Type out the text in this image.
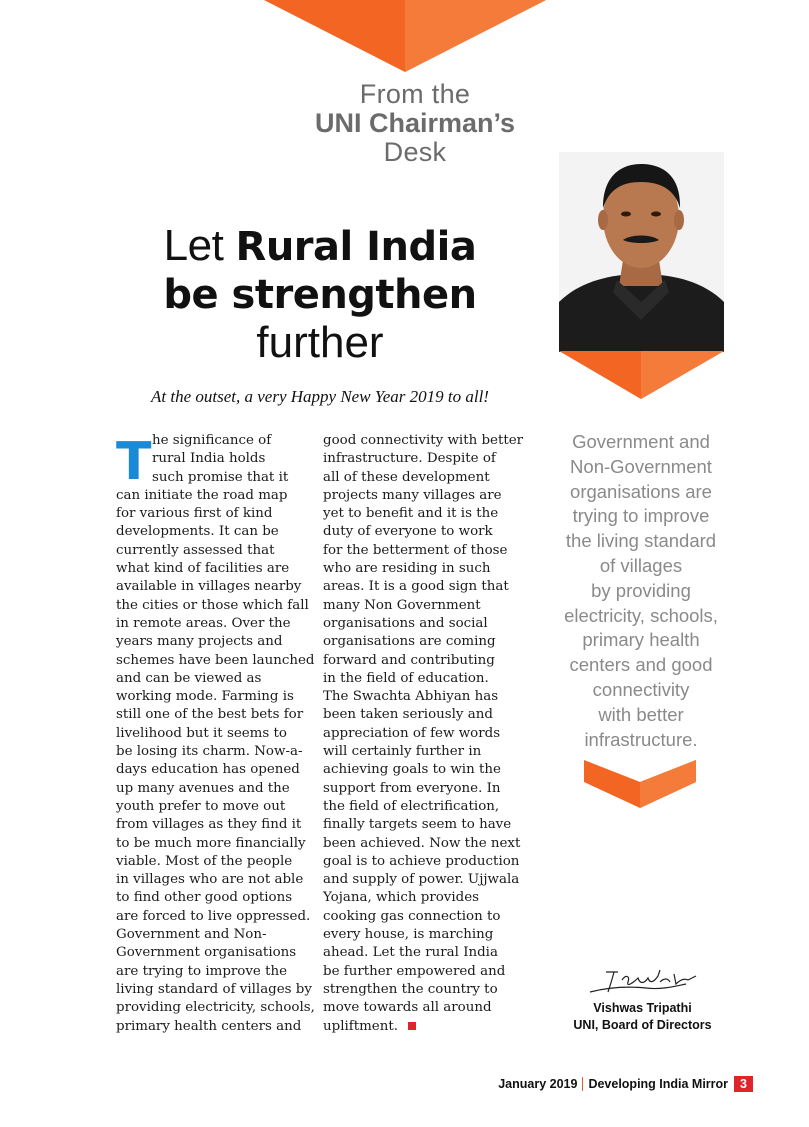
From the
UNI Chairman’s
Desk
Let Rural India
be strengthen
further
At the outset, a very Happy New Year 2019 to all!
T he significance of
rural India holds
such promise that it
can initiate the road map
for various first of kind
developments. It can be
currently assessed that
what kind of facilities are
available in villages nearby
the cities or those which fall
in remote areas. Over the
years many projects and
schemes have been launched
and can be viewed as
working mode. Farming is
still one of the best bets for
livelihood but it seems to
be losing its charm. Now-a-
days education has opened
up many avenues and the
youth prefer to move out
from villages as they find it
to be much more financially
viable. Most of the people
in villages who are not able
to find other good options
are forced to live oppressed.
Government and Non-
Government organisations
are trying to improve the
living standard of villages by
providing electricity, schools,
primary health centers and
good connectivity with better
infrastructure. Despite of
all of these development
projects many villages are
yet to benefit and it is the
duty of everyone to work
for the betterment of those
who are residing in such
areas. It is a good sign that
many Non Government
organisations and social
organisations are coming
forward and contributing
in the field of education.
The Swachta Abhiyan has
been taken seriously and
appreciation of few words
will certainly further in
achieving goals to win the
support from everyone. In
the field of electrification,
finally targets seem to have
been achieved. Now the next
goal is to achieve production
and supply of power. Ujjwala
Yojana, which provides
cooking gas connection to
every house, is marching
ahead. Let the rural India
be further empowered and
strengthen the country to
move towards all around
upliftment.
Government and
Non-Government
organisations are
trying to improve
the living standard
of villages
by providing
electricity, schools,
primary health
centers and good
connectivity
with better
infrastructure.
Vishwas Tripathi
UNI, Board of Directors
January 2019 Developing India Mirror 3
